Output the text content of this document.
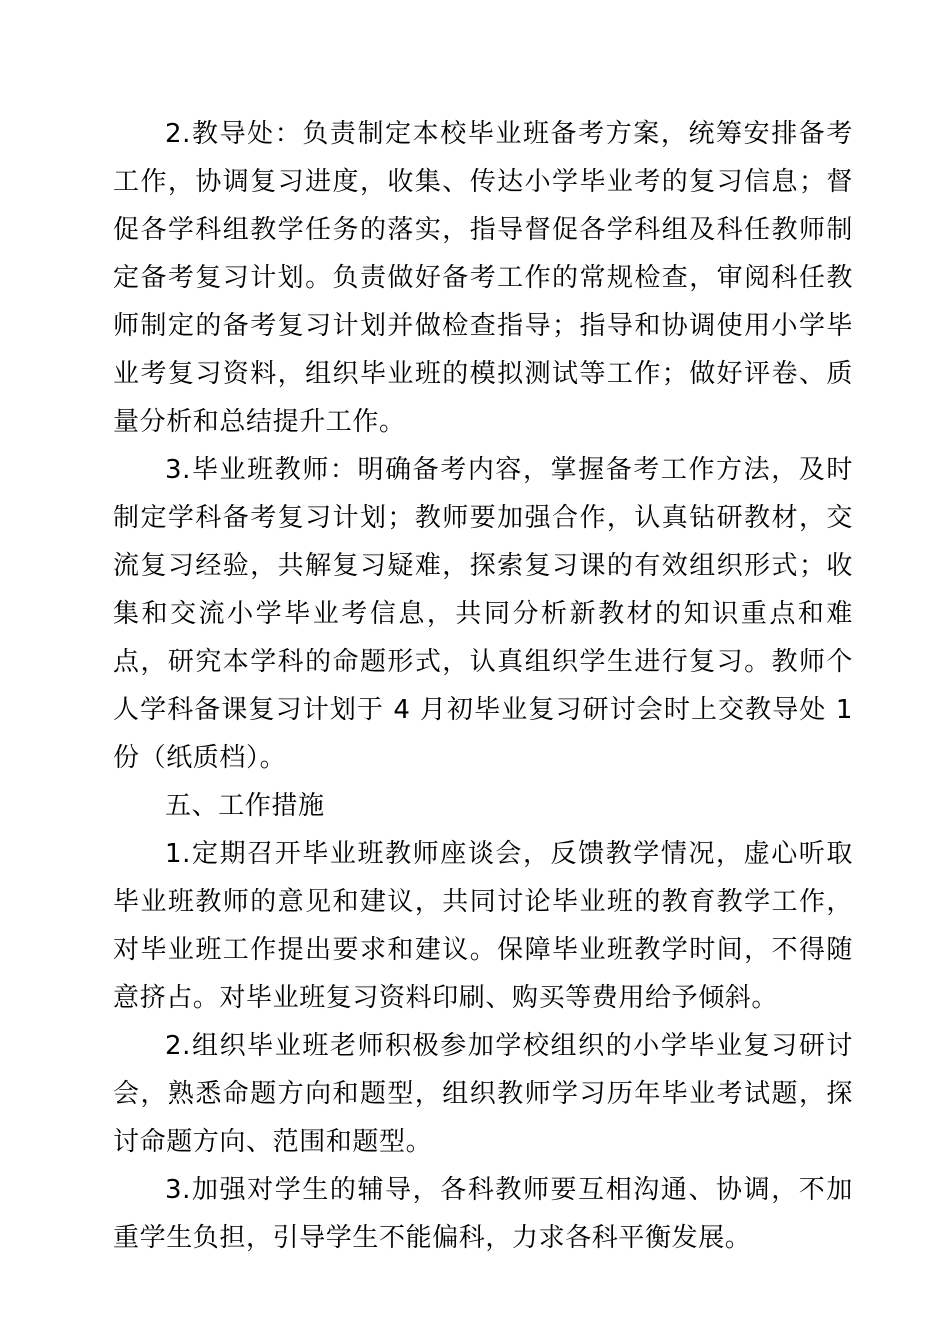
2.教导处：负责制定本校毕业班备考方案，统筹安排备考工作，协调复习进度，收集、传达小学毕业考的复习信息；督促各学科组教学任务的落实，指导督促各学科组及科任教师制定备考复习计划。负责做好备考工作的常规检查，审阅科任教师制定的备考复习计划并做检查指导；指导和协调使用小学毕业考复习资料，组织毕业班的模拟测试等工作；做好评卷、质量分析和总结提升工作。

3.毕业班教师：明确备考内容，掌握备考工作方法，及时制定学科备考复习计划；教师要加强合作，认真钻研教材，交流复习经验，共解复习疑难，探索复习课的有效组织形式；收集和交流小学毕业考信息，共同分析新教材的知识重点和难点，研究本学科的命题形式，认真组织学生进行复习。教师个人学科备课复习计划于 4 月初毕业复习研讨会时上交教导处 1 份（纸质档）。

五、工作措施

1.定期召开毕业班教师座谈会，反馈教学情况，虚心听取毕业班教师的意见和建议，共同讨论毕业班的教育教学工作，对毕业班工作提出要求和建议。保障毕业班教学时间，不得随意挤占。对毕业班复习资料印刷、购买等费用给予倾斜。

2.组织毕业班老师积极参加学校组织的小学毕业复习研讨会，熟悉命题方向和题型，组织教师学习历年毕业考试题，探讨命题方向、范围和题型。

3.加强对学生的辅导，各科教师要互相沟通、协调，不加重学生负担，引导学生不能偏科，力求各科平衡发展。
